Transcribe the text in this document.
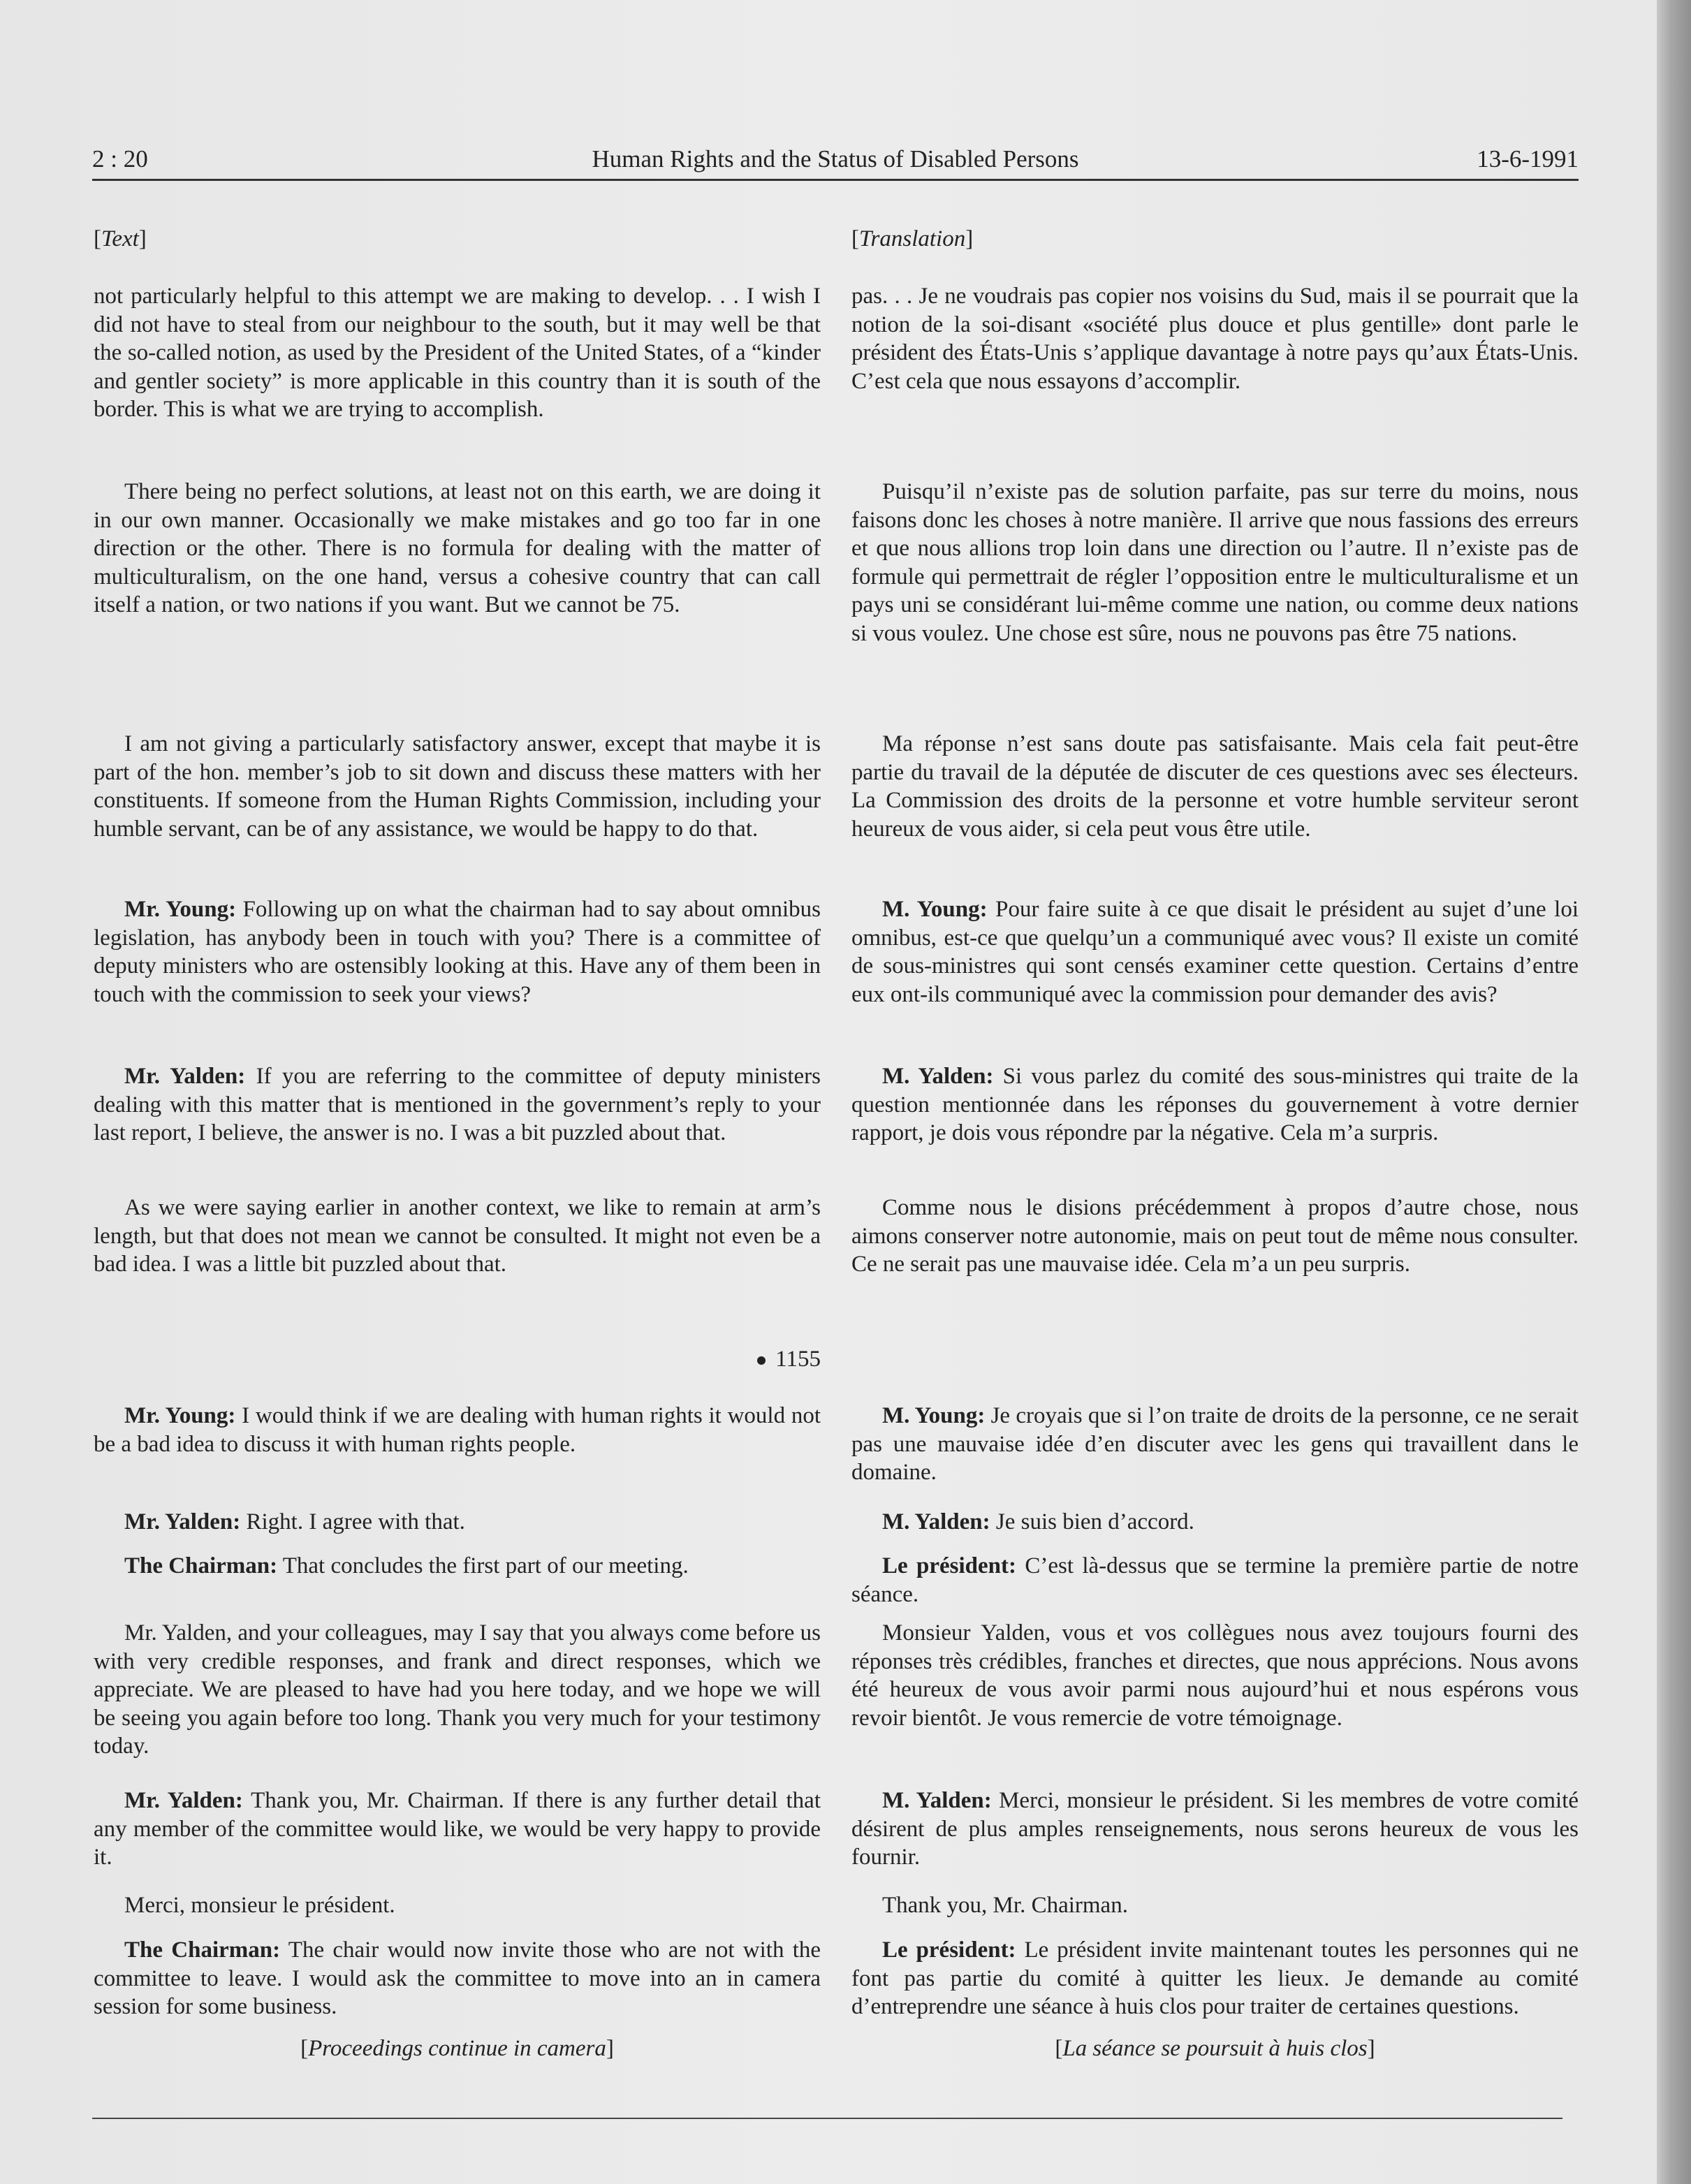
2 : 20	Human Rights and the Status of Disabled Persons	13-6-1991

[Text]

not particularly helpful to this attempt we are making to develop. . . I wish I did not have to steal from our neighbour to the south, but it may well be that the so-called notion, as used by the President of the United States, of a “kinder and gentler society” is more applicable in this country than it is south of the border. This is what we are trying to accomplish.

There being no perfect solutions, at least not on this earth, we are doing it in our own manner. Occasionally we make mistakes and go too far in one direction or the other. There is no formula for dealing with the matter of multiculturalism, on the one hand, versus a cohesive country that can call itself a nation, or two nations if you want. But we cannot be 75.

I am not giving a particularly satisfactory answer, except that maybe it is part of the hon. member’s job to sit down and discuss these matters with her constituents. If someone from the Human Rights Commission, including your humble servant, can be of any assistance, we would be happy to do that.

Mr. Young: Following up on what the chairman had to say about omnibus legislation, has anybody been in touch with you? There is a committee of deputy ministers who are ostensibly looking at this. Have any of them been in touch with the commission to seek your views?

Mr. Yalden: If you are referring to the committee of deputy ministers dealing with this matter that is mentioned in the government’s reply to your last report, I believe, the answer is no. I was a bit puzzled about that.

As we were saying earlier in another context, we like to remain at arm’s length, but that does not mean we cannot be consulted. It might not even be a bad idea. I was a little bit puzzled about that.

1155

Mr. Young: I would think if we are dealing with human rights it would not be a bad idea to discuss it with human rights people.

Mr. Yalden: Right. I agree with that.

The Chairman: That concludes the first part of our meeting.

Mr. Yalden, and your colleagues, may I say that you always come before us with very credible responses, and frank and direct responses, which we appreciate. We are pleased to have had you here today, and we hope we will be seeing you again before too long. Thank you very much for your testimony today.

Mr. Yalden: Thank you, Mr. Chairman. If there is any further detail that any member of the committee would like, we would be very happy to provide it.

Merci, monsieur le président.

The Chairman: The chair would now invite those who are not with the committee to leave. I would ask the committee to move into an in camera session for some business.

[Proceedings continue in camera]

[Translation]

pas. . . Je ne voudrais pas copier nos voisins du Sud, mais il se pourrait que la notion de la soi-disant «société plus douce et plus gentille» dont parle le président des États-Unis s’applique davantage à notre pays qu’aux États-Unis. C’est cela que nous essayons d’accomplir.

Puisqu’il n’existe pas de solution parfaite, pas sur terre du moins, nous faisons donc les choses à notre manière. Il arrive que nous fassions des erreurs et que nous allions trop loin dans une direction ou l’autre. Il n’existe pas de formule qui permettrait de régler l’opposition entre le multiculturalisme et un pays uni se considérant lui-même comme une nation, ou comme deux nations si vous voulez. Une chose est sûre, nous ne pouvons pas être 75 nations.

Ma réponse n’est sans doute pas satisfaisante. Mais cela fait peut-être partie du travail de la députée de discuter de ces questions avec ses électeurs. La Commission des droits de la personne et votre humble serviteur seront heureux de vous aider, si cela peut vous être utile.

M. Young: Pour faire suite à ce que disait le président au sujet d’une loi omnibus, est-ce que quelqu’un a communiqué avec vous? Il existe un comité de sous-ministres qui sont censés examiner cette question. Certains d’entre eux ont-ils communiqué avec la commission pour demander des avis?

M. Yalden: Si vous parlez du comité des sous-ministres qui traite de la question mentionnée dans les réponses du gouvernement à votre dernier rapport, je dois vous répondre par la négative. Cela m’a surpris.

Comme nous le disions précédemment à propos d’autre chose, nous aimons conserver notre autonomie, mais on peut tout de même nous consulter. Ce ne serait pas une mauvaise idée. Cela m’a un peu surpris.

M. Young: Je croyais que si l’on traite de droits de la personne, ce ne serait pas une mauvaise idée d’en discuter avec les gens qui travaillent dans le domaine.

M. Yalden: Je suis bien d’accord.

Le président: C’est là-dessus que se termine la première partie de notre séance.

Monsieur Yalden, vous et vos collègues nous avez toujours fourni des réponses très crédibles, franches et directes, que nous apprécions. Nous avons été heureux de vous avoir parmi nous aujourd’hui et nous espérons vous revoir bientôt. Je vous remercie de votre témoignage.

M. Yalden: Merci, monsieur le président. Si les membres de votre comité désirent de plus amples renseignements, nous serons heureux de vous les fournir.

Thank you, Mr. Chairman.

Le président: Le président invite maintenant toutes les personnes qui ne font pas partie du comité à quitter les lieux. Je demande au comité d’entreprendre une séance à huis clos pour traiter de certaines questions.

[La séance se poursuit à huis clos]
